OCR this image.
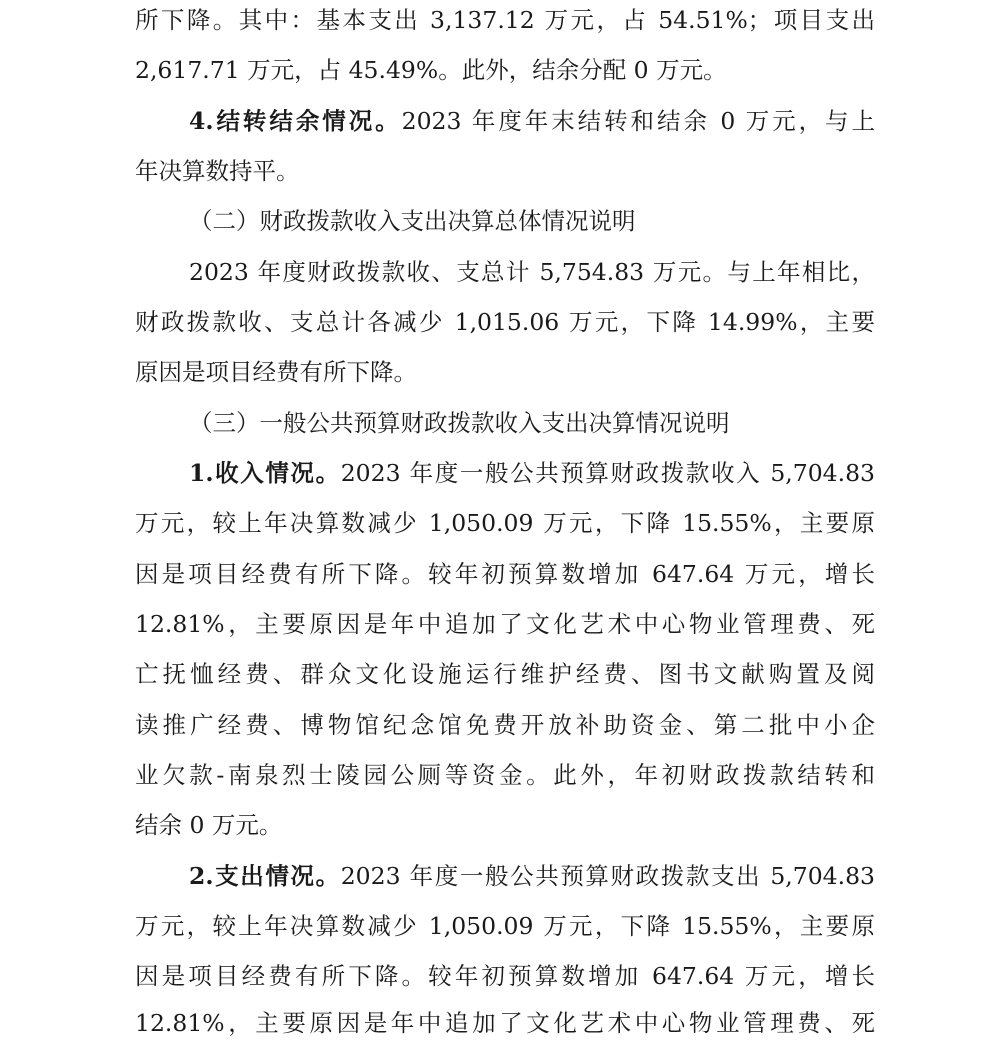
所下降。其中：基本支出 3,137.12 万元，占 54.51%；项目支出
2,617.71 万元，占 45.49%。此外，结余分配 0 万元。
4.结转结余情况。2023 年度年末结转和结余 0 万元，与上
年决算数持平。
（二）财政拨款收入支出决算总体情况说明
2023 年度财政拨款收、支总计 5,754.83 万元。与上年相比，
财政拨款收、支总计各减少 1,015.06 万元，下降 14.99%，主要
原因是项目经费有所下降。
（三）一般公共预算财政拨款收入支出决算情况说明
1.收入情况。2023 年度一般公共预算财政拨款收入 5,704.83
万元，较上年决算数减少 1,050.09 万元，下降 15.55%，主要原
因是项目经费有所下降。较年初预算数增加 647.64 万元，增长
12.81%，主要原因是年中追加了文化艺术中心物业管理费、死
亡抚恤经费、群众文化设施运行维护经费、图书文献购置及阅
读推广经费、博物馆纪念馆免费开放补助资金、第二批中小企
业欠款-南泉烈士陵园公厕等资金。此外，年初财政拨款结转和
结余 0 万元。
2.支出情况。2023 年度一般公共预算财政拨款支出 5,704.83
万元，较上年决算数减少 1,050.09 万元，下降 15.55%，主要原
因是项目经费有所下降。较年初预算数增加 647.64 万元，增长
12.81%，主要原因是年中追加了文化艺术中心物业管理费、死
